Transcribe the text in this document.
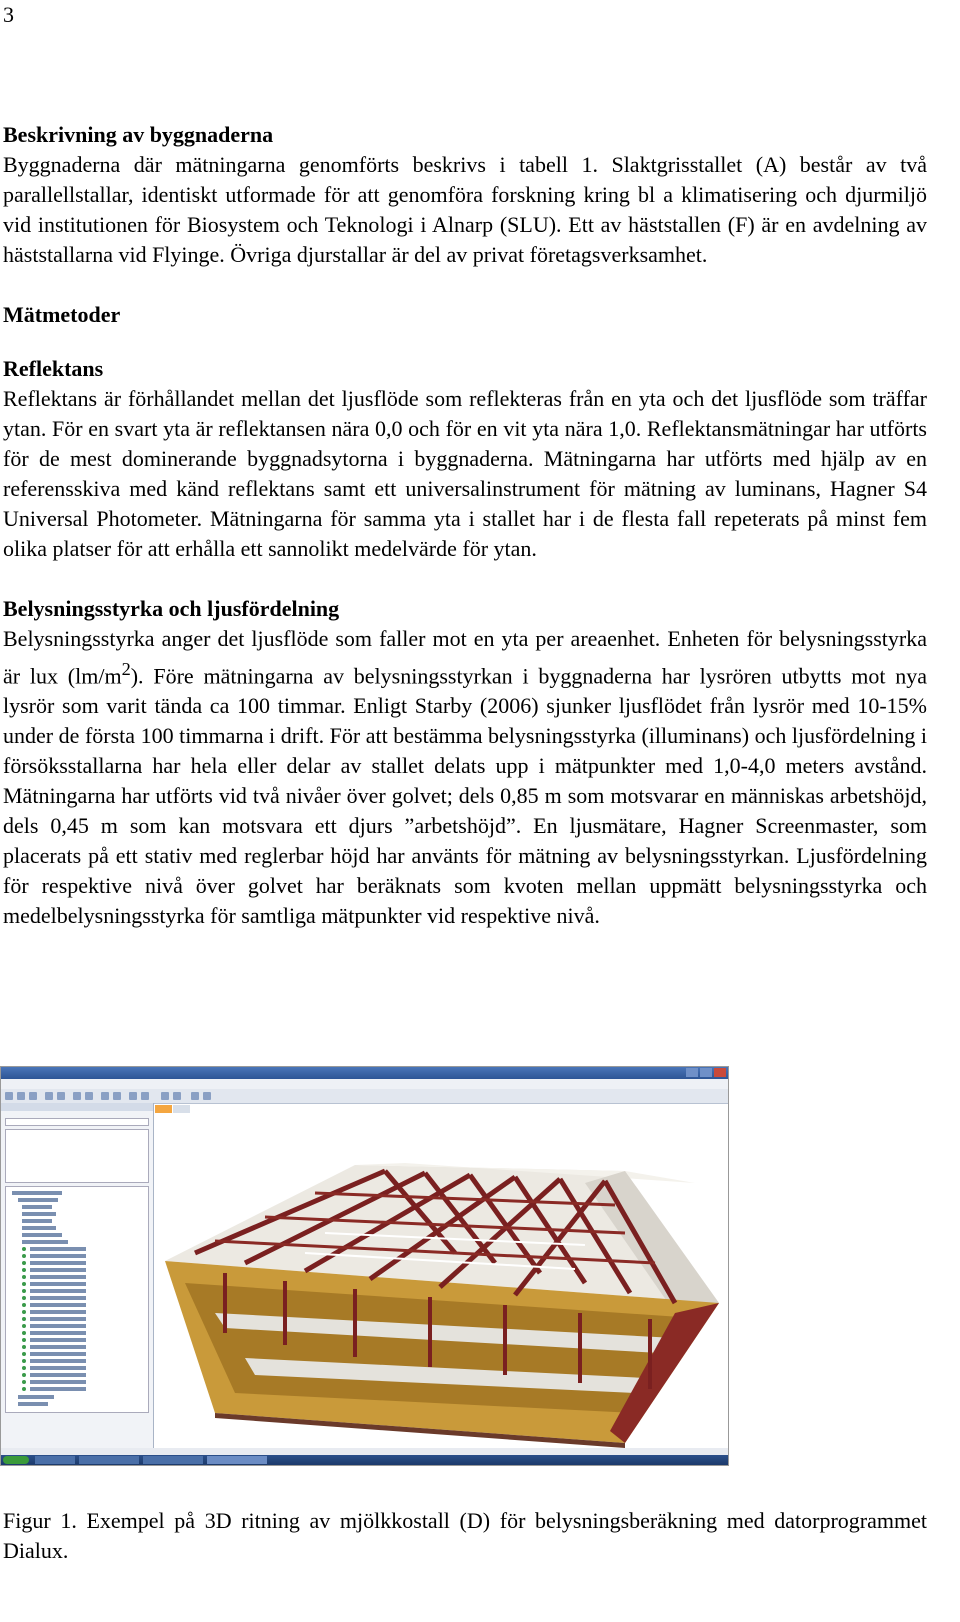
3
Beskrivning av byggnaderna

Byggnaderna där mätningarna genomförts beskrivs i tabell 1. Slaktgrisstallet (A) består av två parallellstallar, identiskt utformade för att genomföra forskning kring bl a klimatisering och djurmiljö vid institutionen för Biosystem och Teknologi i Alnarp (SLU). Ett av häststallen (F) är en avdelning av häststallarna vid Flyinge. Övriga djurstallar är del av privat företagsverksamhet.

Mätmetoder
Reflektans

Reflektans är förhållandet mellan det ljusflöde som reflekteras från en yta och det ljusflöde som träffar ytan. För en svart yta är reflektansen nära 0,0 och för en vit yta nära 1,0. Reflektansmätningar har utförts för de mest dominerande byggnadsytorna i byggnaderna. Mätningarna har utförts med hjälp av en referensskiva med känd reflektans samt ett universalinstrument för mätning av luminans, Hagner S4 Universal Photometer. Mätningarna för samma yta i stallet har i de flesta fall repeterats på minst fem olika platser för att erhålla ett sannolikt medelvärde för ytan.

Belysningsstyrka och ljusfördelning

Belysningsstyrka anger det ljusflöde som faller mot en yta per areaenhet. Enheten för belysningsstyrka är lux $(lm/m^2)$. Före mätningarna av belysningsstyrkan i byggnaderna har lysrören utbytts mot nya lysrör som varit tända ca 100 timmar. Enligt Starby (2006) sjunker ljusflödet från lysrör med 10-15% under de första 100 timmarna i drift. För att bestämma belysningsstyrka (illuminans) och ljusfördelning i försöksstallarna har hela eller delar av stallet delats upp i mätpunkter med 1,0-4,0 meters avstånd. Mätningarna har utförts vid två nivåer över golvet; dels 0,85 m som motsvarar en människas arbetshöjd, dels 0,45 m som kan motsvara ett djurs ”arbetshöjd”. En ljusmätare, Hagner Screenmaster, som placerats på ett stativ med reglerbar höjd har använts för mätning av belysningsstyrkan. Ljusfördelning för respektive nivå över golvet har beräknats som kvoten mellan uppmätt belysningsstyrka och medelbelysningsstyrka för samtliga mätpunkter vid respektive nivå.

Figur 1. Exempel på 3D ritning av mjölkkostall (D) för belysningsberäkning med datorprogrammet Dialux.
